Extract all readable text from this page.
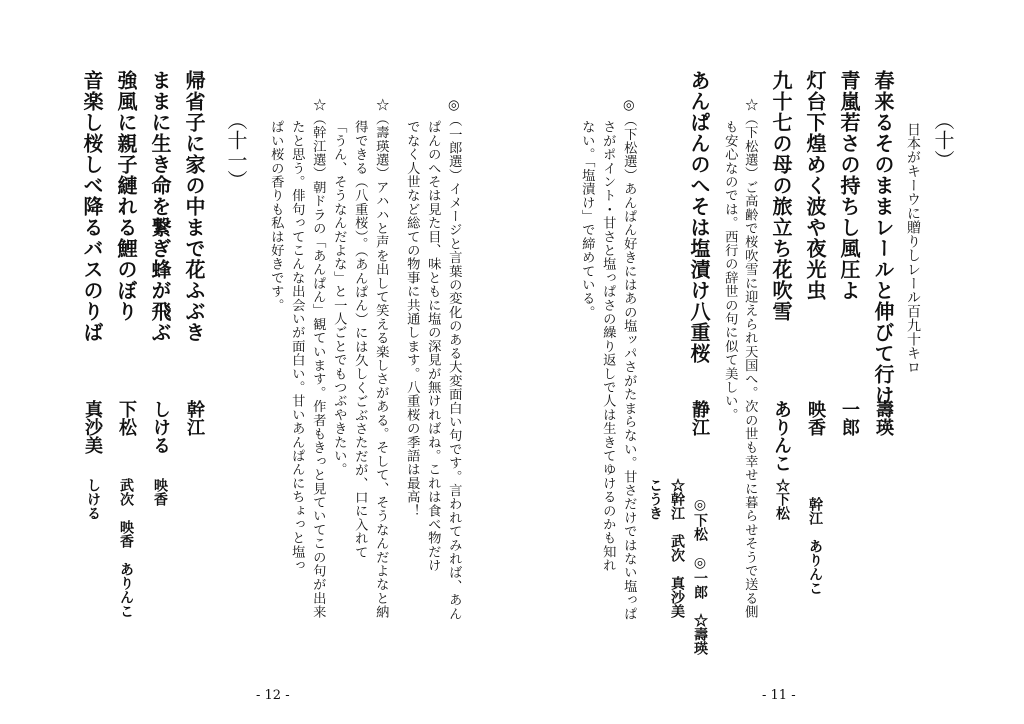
（十）
日本がキーウに贈りしレール百九十キロ
春来るそのままレールと伸びて行け
壽瑛
青嵐若さの持ちし風圧よ
一郎
灯台下煌めく波や夜光虫
映香
幹江　ありんこ
九十七の母の旅立ち花吹雪
ありんこ
☆下松
☆（下松選）ご高齢で桜吹雪に迎えられ天国へ。次の世も幸せに暮らせそうで送る側
も安心なのでは。西行の辞世の句に似て美しい。
あんぱんのへそは塩漬け八重桜
静江
◎下松　◎一郎　☆壽瑛
☆幹江　武次　真沙美
こうき
◎（下松選）あんぱん好きにはあの塩ッパさがたまらない。甘さだけではない塩っぱ
さがポイント・甘さと塩っぱさの繰り返しで人は生きてゆけるのかも知れ
ない。「塩漬け」で締めている。
- 11 -
◎（一郎選）イメージと言葉の変化のある大変面白い句です。言われてみれば、あん
ぱんのへそは見た目、味ともに塩の深見が無ければね。これは食べ物だけ
でなく人世など総ての物事に共通します。八重桜の季語は最高！
☆（壽瑛選）アハハと声を出して笑える楽しさがある。そして、そうなんだよなと納
得できる（八重桜）。（あんぱん）には久しくごぶさただが、口に入れて
「うん、そうなんだよな」と一人ごとでもつぶやきたい。
☆（幹江選）朝ドラの「あんぱん」観ています。作者もきっと見ていてこの句が出来
たと思う。俳句ってこんな出会いが面白い。甘いあんぱんにちょっと塩っ
ぱい桜の香りも私は好きです。
（十一）
帰省子に家の中まで花ふぶき
幹江
ままに生き命を繋ぎ蜂が飛ぶ
しける
映香
強風に親子縺れる鯉のぼり
下松
武次　映香　ありんこ
音楽し桜しべ降るバスのりば
真沙美
しける
- 12 -
